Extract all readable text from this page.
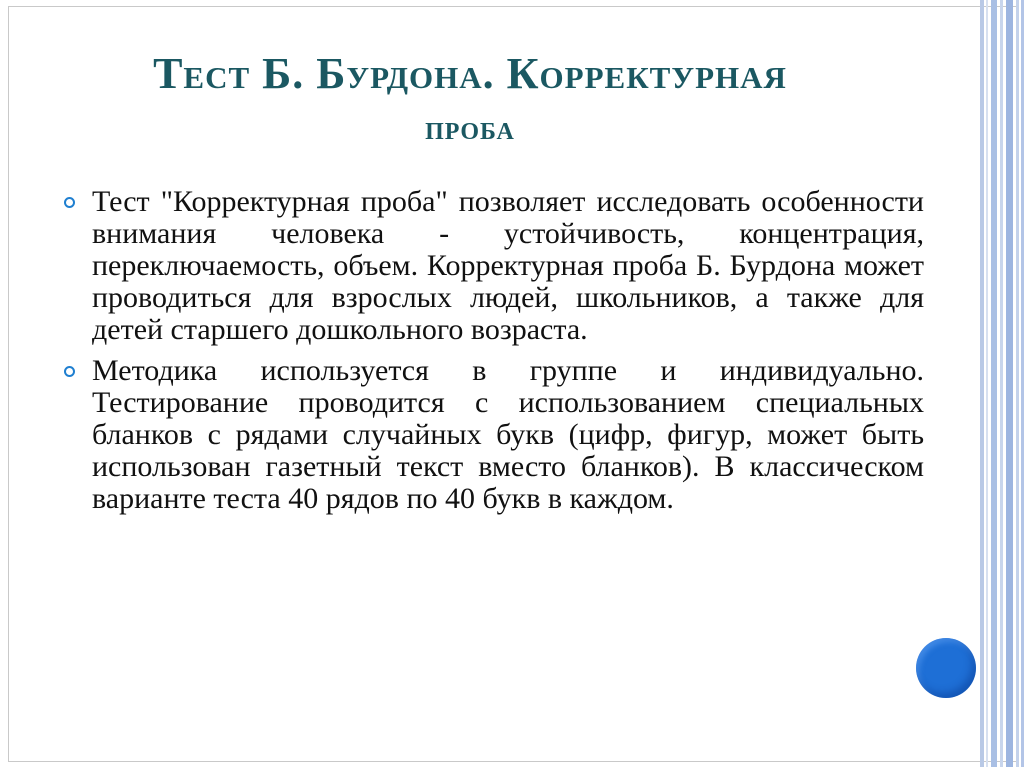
Тест Б. Бурдона. Корректурная
проба
Тест "Корректурная проба" позволяет исследовать особенности внимания человека - устойчивость, концентрация, переключаемость, объем. Корректурная проба Б. Бурдона может проводиться для взрослых людей, школьников, а также для детей старшего дошкольного возраста.
Методика используется в группе и индивидуально. Тестирование проводится с использованием специальных бланков с рядами случайных букв (цифр, фигур, может быть использован газетный текст вместо бланков). В классическом варианте теста 40 рядов по 40 букв в каждом.
